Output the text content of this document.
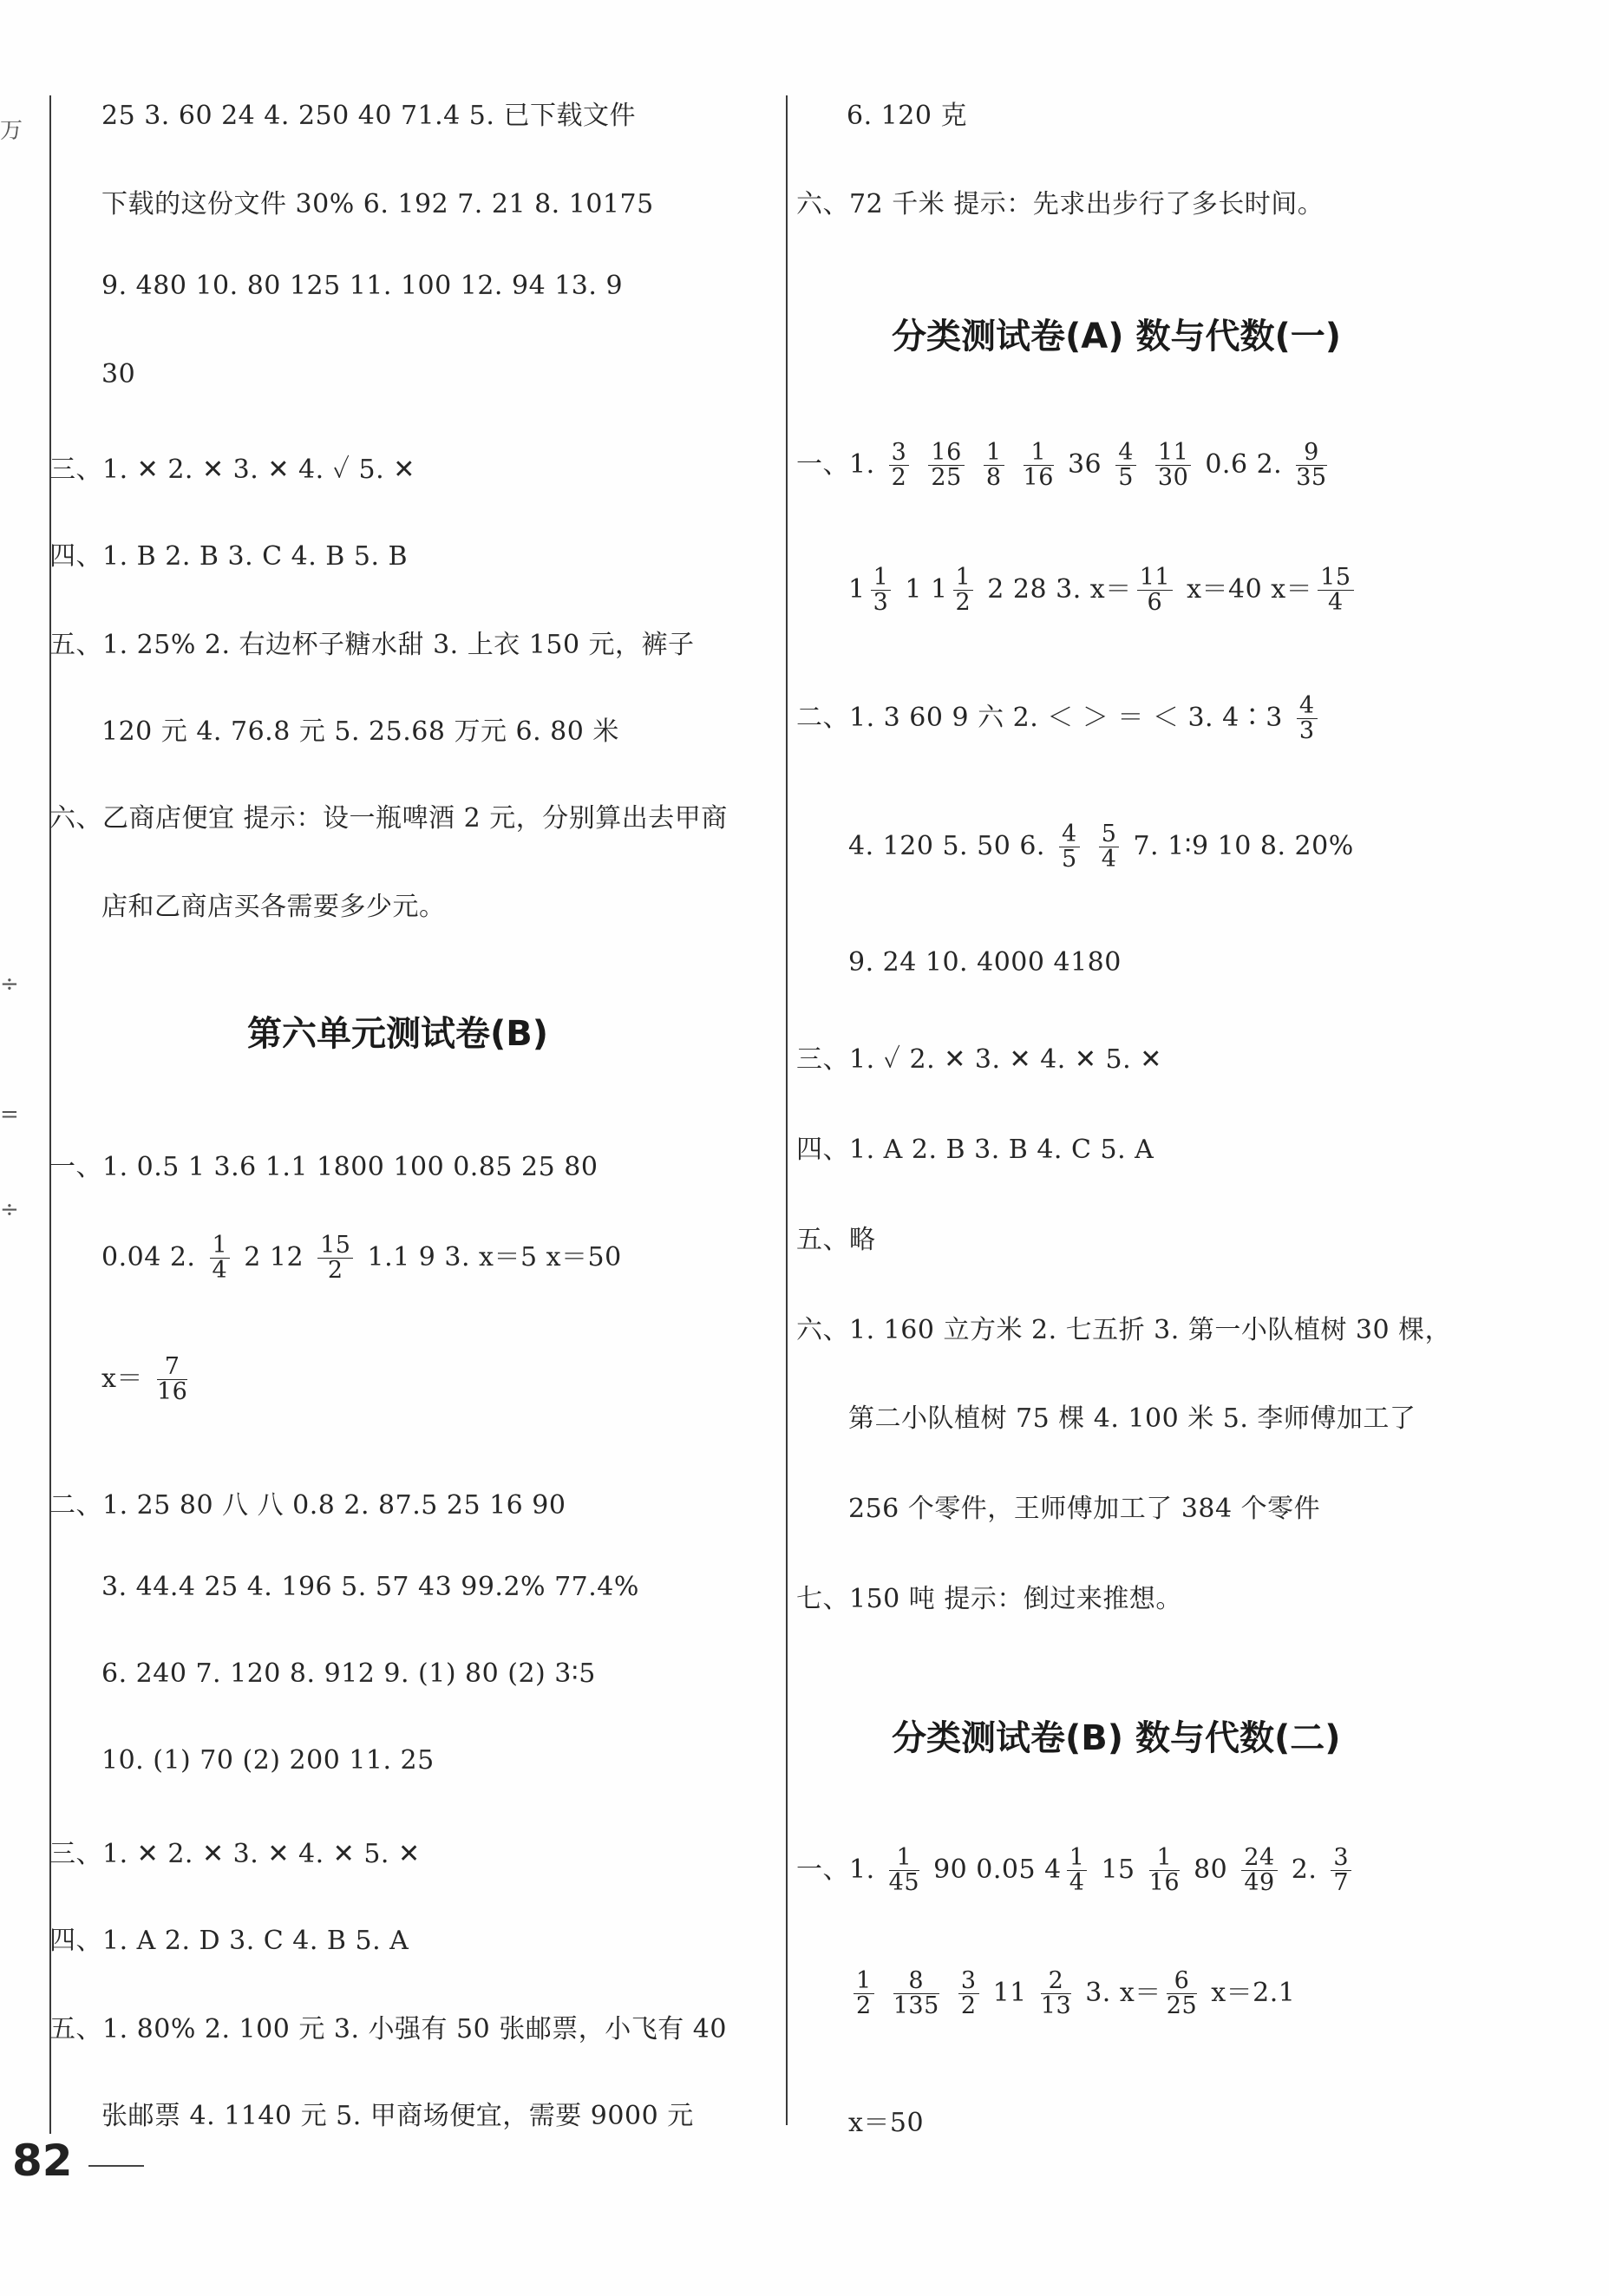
万
÷
=
÷
25 3. 60 24 4. 250 40 71.4 5. 已下载文件
下载的这份文件 30% 6. 192 7. 21 8. 10175
9. 480 10. 80 125 11. 100 12. 94 13. 9
30
三、1. ✕ 2. ✕ 3. ✕ 4. ✓ 5. ✕
四、1. B 2. B 3. C 4. B 5. B
五、1. 25% 2. 右边杯子糖水甜 3. 上衣 150 元，裤子
120 元 4. 76.8 元 5. 25.68 万元 6. 80 米
六、乙商店便宜 提示：设一瓶啤酒 2 元，分别算出去甲商
店和乙商店买各需要多少元。
第六单元测试卷(B)
一、1. 0.5 1 3.6 1.1 1800 100 0.85 25 80
0.04 2. $\frac{1}{4} 2$ $12 \frac{15}{2} 1.1$ 9 3. x＝5 x＝50
$x= \frac{7}{16}$
二、1. 25 80 八 八 0.8 2. 87.5 25 16 90
3. 44.4 25 4. 196 5. 57 43 99.2% 77.4%
6. 240 7. 120 8. 912 9. (1) 80 (2) 3∶5
10. (1) 70 (2) 200 11. 25
三、1. ✕ 2. ✕ 3. ✕ 4. ✕ 5. ✕
四、1. A 2. D 3. C 4. B 5. A
五、1. 80% 2. 100 元 3. 小强有 50 张邮票，小飞有 40
张邮票 4. 1140 元 5. 甲商场便宜，需要 9000 元
6. 120 克
六、72 千米 提示：先求出步行了多长时间。
分类测试卷(A) 数与代数(一)
一、1. $\frac{3}{2}$
$\frac{16}{25}$
$\frac{1}{8}$
$\frac{1}{16} 36 \frac{4}{5}$
$\frac{11}{30} 0.6$ 2. $\frac{9}{35}$
$1 \frac{1}{3} 1$ $1 \frac{1}{2} 2$ 28 3. $x= \frac{11}{6} x=40$ $x= \frac{15}{4}$
二、1. 3 60 9 六 2. ＜ ＞ ＝ ＜ 3. 4∶3 $\frac{4}{3}$
4. 120 5. 50 6. $\frac{4}{5}$
$\frac{5}{4} 7$. 1∶9 10 8. 20%
9. 24 10. 4000 4180
三、1. ✓ 2. ✕ 3. ✕ 4. ✕ 5. ✕
四、1. A 2. B 3. B 4. C 5. A
五、略
六、1. 160 立方米 2. 七五折 3. 第一小队植树 30 棵，
第二小队植树 75 棵 4. 100 米 5. 李师傅加工了
256 个零件，王师傅加工了 384 个零件
七、150 吨 提示：倒过来推想。
分类测试卷(B) 数与代数(二)
一、1. $\frac{1}{45} 90$ 0.05 $4 \frac{1}{4} 15 \frac{1}{16} 80 \frac{24}{49} 2$. $\frac{3}{7}$
$\frac{1}{2}$
$\frac{8}{135}$
$\frac{3}{2} 11 \frac{2}{13} 3$. $x= \frac{6}{25} x=2.1$
x＝50
82
